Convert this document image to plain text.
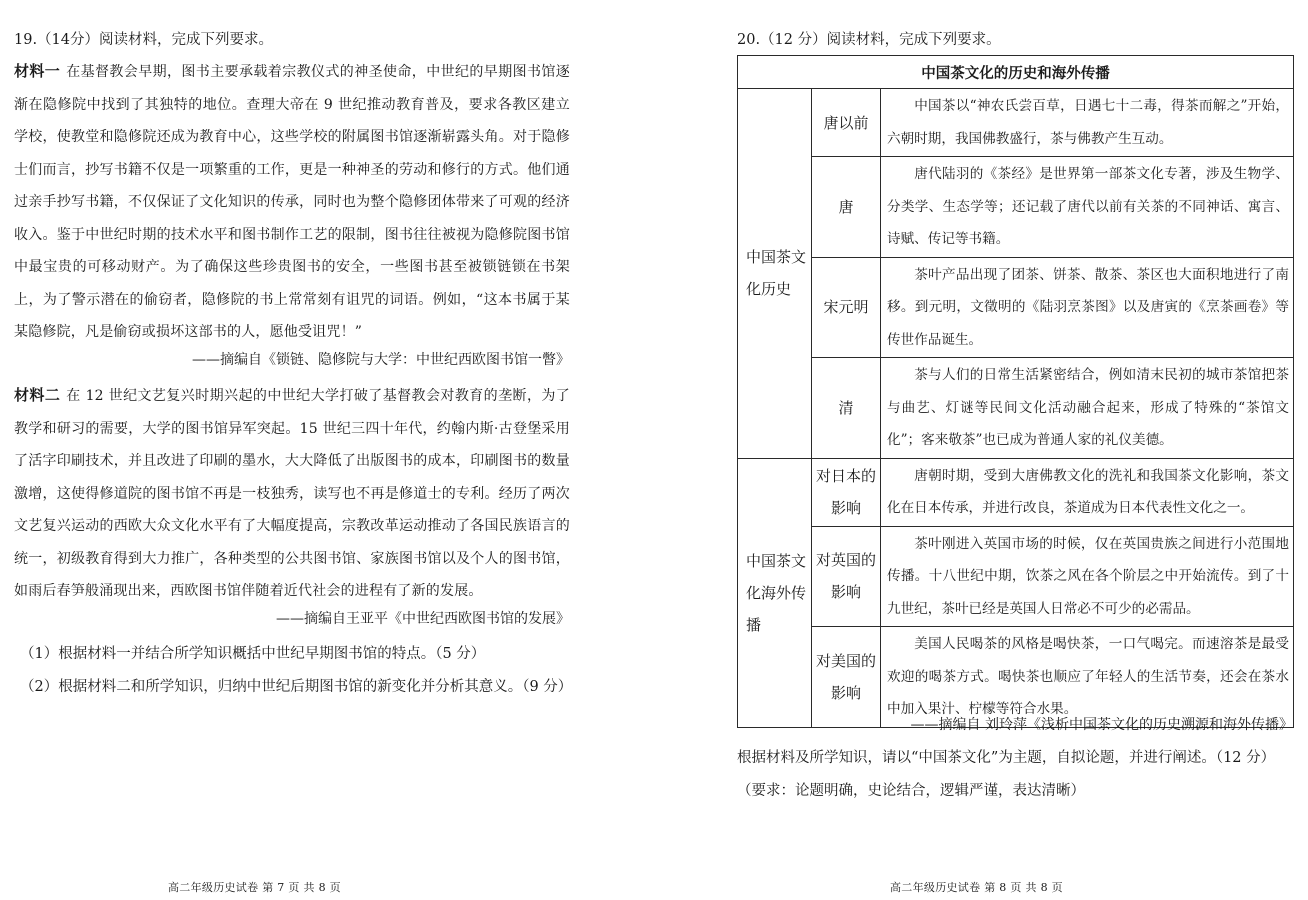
19.（14分）阅读材料，完成下列要求。
材料一 在基督教会早期，图书主要承载着宗教仪式的神圣使命，中世纪的早期图书馆逐渐在隐修院中找到了其独特的地位。查理大帝在 9 世纪推动教育普及，要求各教区建立学校，使教堂和隐修院还成为教育中心，这些学校的附属图书馆逐渐崭露头角。对于隐修士们而言，抄写书籍不仅是一项繁重的工作，更是一种神圣的劳动和修行的方式。他们通过亲手抄写书籍，不仅保证了文化知识的传承，同时也为整个隐修团体带来了可观的经济收入。鉴于中世纪时期的技术水平和图书制作工艺的限制，图书往往被视为隐修院图书馆中最宝贵的可移动财产。为了确保这些珍贵图书的安全，一些图书甚至被锁链锁在书架上，为了警示潜在的偷窃者，隐修院的书上常常刻有诅咒的词语。例如，“这本书属于某某隐修院，凡是偷窃或损坏这部书的人，愿他受诅咒！”
——摘编自《锁链、隐修院与大学：中世纪西欧图书馆一瞥》
材料二 在 12 世纪文艺复兴时期兴起的中世纪大学打破了基督教会对教育的垄断，为了教学和研习的需要，大学的图书馆异军突起。15 世纪三四十年代，约翰内斯·古登堡采用了活字印刷技术，并且改进了印刷的墨水，大大降低了出版图书的成本，印刷图书的数量激增，这使得修道院的图书馆不再是一枝独秀，读写也不再是修道士的专利。经历了两次文艺复兴运动的西欧大众文化水平有了大幅度提高，宗教改革运动推动了各国民族语言的统一，初级教育得到大力推广，各种类型的公共图书馆、家族图书馆以及个人的图书馆，如雨后春笋般涌现出来，西欧图书馆伴随着近代社会的进程有了新的发展。
——摘编自王亚平《中世纪西欧图书馆的发展》
（1）根据材料一并结合所学知识概括中世纪早期图书馆的特点。（5 分）
（2）根据材料二和所学知识，归纳中世纪后期图书馆的新变化并分析其意义。（9 分）
高二年级历史试卷 第 7 页 共 8 页
20.（12 分）阅读材料，完成下列要求。
中国茶文化的历史和海外传播		
中国茶文化历史	唐以前	中国茶以“神农氏尝百草，日遇七十二毒，得茶而解之”开始，六朝时期，我国佛教盛行，茶与佛教产生互动。
	唐	唐代陆羽的《茶经》是世界第一部茶文化专著，涉及生物学、分类学、生态学等；还记载了唐代以前有关茶的不同神话、寓言、诗赋、传记等书籍。
	宋元明	茶叶产品出现了团茶、饼茶、散茶、茶区也大面积地进行了南移。到元明，文徵明的《陆羽烹茶图》以及唐寅的《烹茶画卷》等传世作品诞生。
	清	茶与人们的日常生活紧密结合，例如清末民初的城市茶馆把茶与曲艺、灯谜等民间文化活动融合起来，形成了特殊的“茶馆文化”；客来敬茶”也已成为普通人家的礼仪美德。
中国茶文化海外传播	对日本的影响	唐朝时期，受到大唐佛教文化的洗礼和我国茶文化影响，茶文化在日本传承，并进行改良，茶道成为日本代表性文化之一。
	对英国的影响	茶叶刚进入英国市场的时候，仅在英国贵族之间进行小范围地传播。十八世纪中期，饮茶之风在各个阶层之中开始流传。到了十九世纪，茶叶已经是英国人日常必不可少的必需品。
	对美国的影响	美国人民喝茶的风格是喝快茶，一口气喝完。而速溶茶是最受欢迎的喝茶方式。喝快茶也顺应了年轻人的生活节奏，还会在茶水中加入果汁、柠檬等符合水果。
——摘编自 刘玲萍《浅析中国茶文化的历史溯源和海外传播》
根据材料及所学知识，请以“中国茶文化”为主题，自拟论题，并进行阐述。（12 分）
（要求：论题明确，史论结合，逻辑严谨，表达清晰）
高二年级历史试卷 第 8 页 共 8 页
